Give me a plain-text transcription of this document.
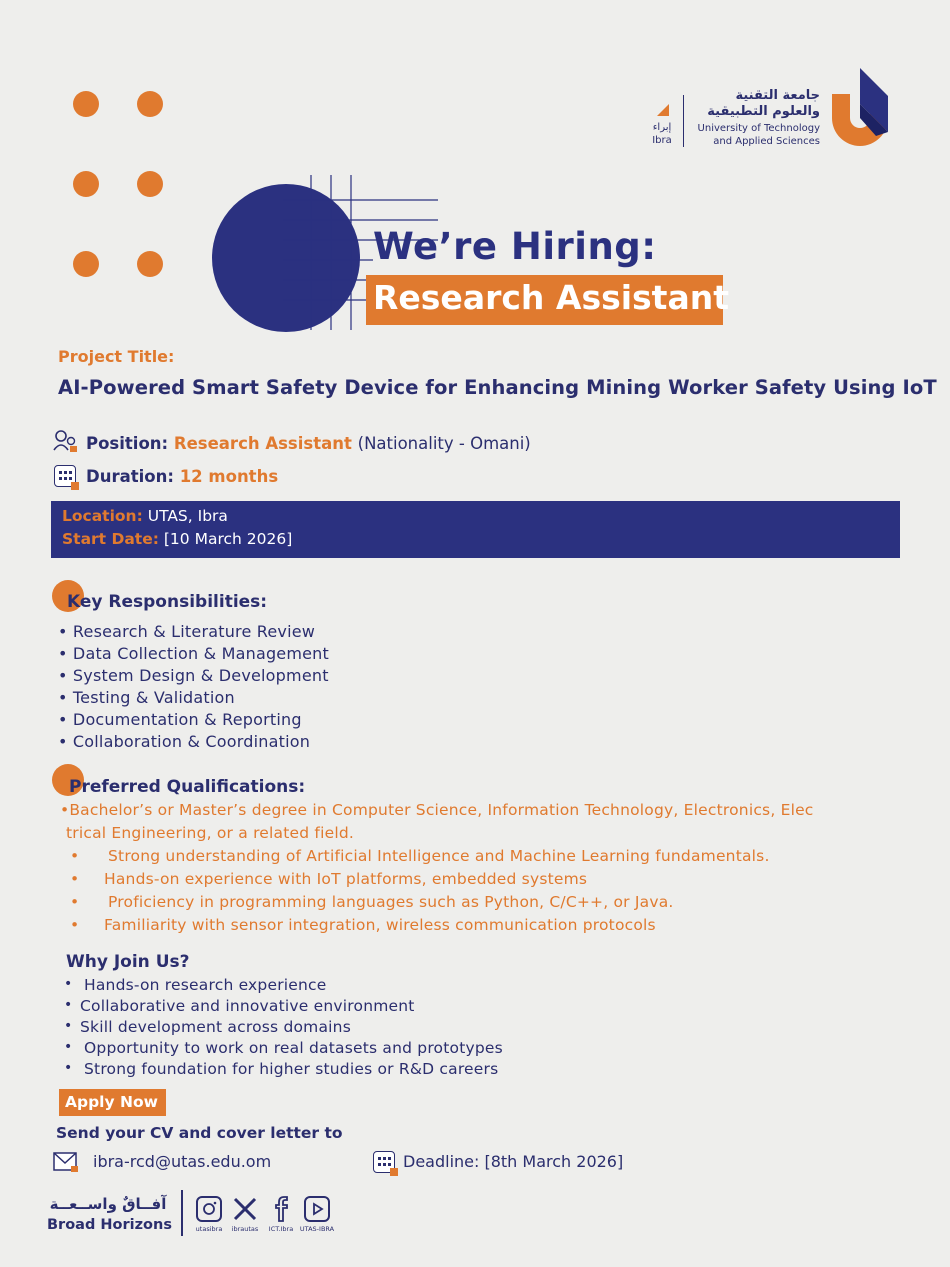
إبراء
Ibra
جامعة التقنية
والعلوم التطبيقية
University of Technology
and Applied Sciences
We’re Hiring:
Research Assistant
Project Title:
AI-Powered Smart Safety Device for Enhancing Mining Worker Safety Using IoT
Position: Research Assistant (Nationality - Omani)
Duration: 12 months
Location: UTAS, Ibra
Start Date: [10 March 2026]
Key Responsibilities:
• Research & Literature Review
• Data Collection & Management
• System Design & Development
• Testing & Validation
• Documentation & Reporting
• Collaboration & Coordination
Preferred Qualifications:
•Bachelor’s or Master’s degree in Computer Science, Information Technology, Electronics, Elec
trical Engineering, or a related field.
• Strong understanding of Artificial Intelligence and Machine Learning fundamentals.
• Hands-on experience with IoT platforms, embedded systems
• Proficiency in programming languages such as Python, C/C++, or Java.
• Familiarity with sensor integration, wireless communication protocols
Why Join Us?
• Hands-on research experience
• Collaborative and innovative environment
• Skill development across domains
• Opportunity to work on real datasets and prototypes
• Strong foundation for higher studies or R&D careers
Apply Now
Send your CV and cover letter to
ibra-rcd@utas.edu.om	Deadline: [8th March 2026]
آفــاقٌ واســعــة
Broad Horizons	utasibra	ibrautas	ICT.Ibra	UTAS-IBRA
